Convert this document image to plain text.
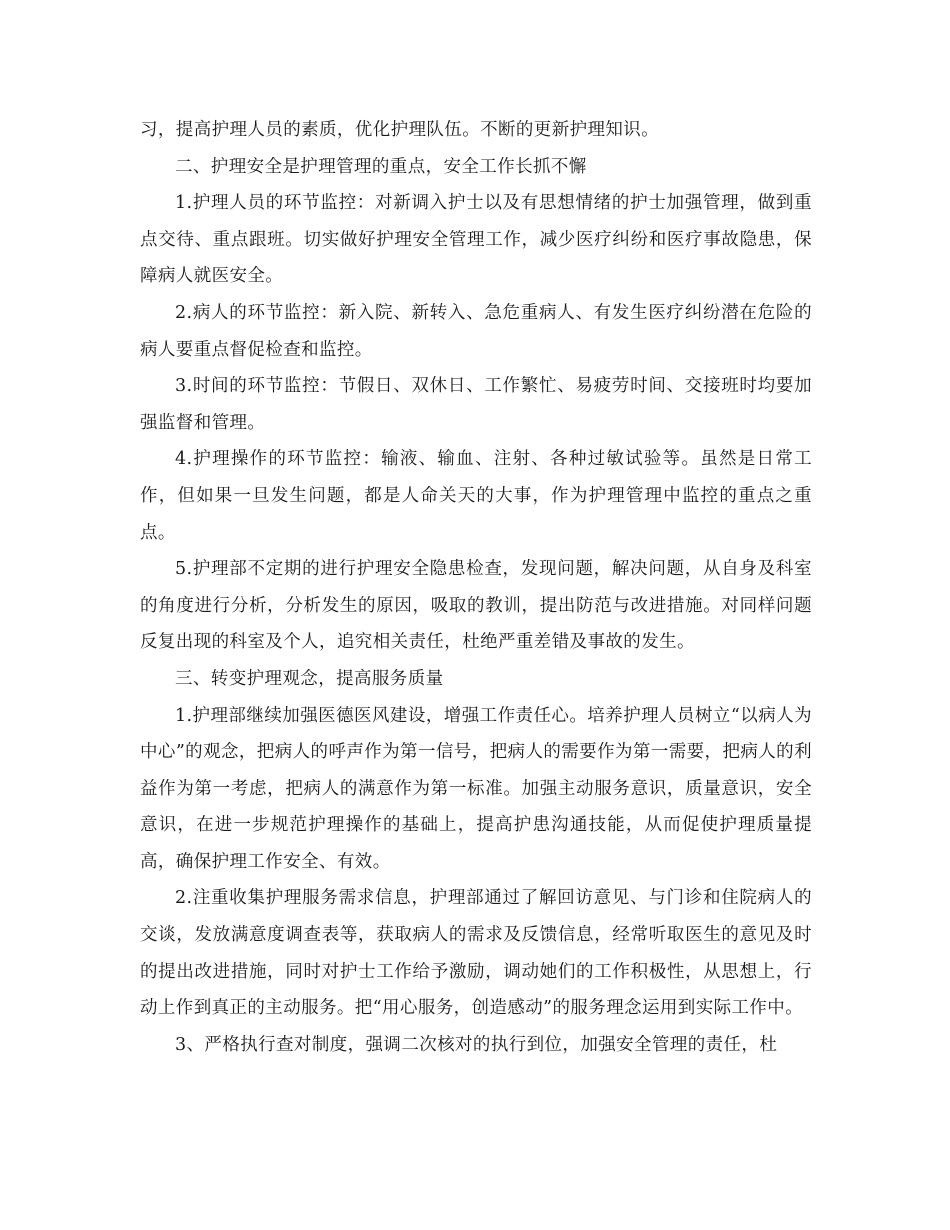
习，提高护理人员的素质，优化护理队伍。不断的更新护理知识。

二、护理安全是护理管理的重点，安全工作长抓不懈

1.护理人员的环节监控：对新调入护士以及有思想情绪的护士加强管理，做到重点交待、重点跟班。切实做好护理安全管理工作，减少医疗纠纷和医疗事故隐患，保障病人就医安全。

2.病人的环节监控：新入院、新转入、急危重病人、有发生医疗纠纷潜在危险的病人要重点督促检查和监控。

3.时间的环节监控：节假日、双休日、工作繁忙、易疲劳时间、交接班时均要加强监督和管理。

4.护理操作的环节监控：输液、输血、注射、各种过敏试验等。虽然是日常工作，但如果一旦发生问题，都是人命关天的大事，作为护理管理中监控的重点之重点。

5.护理部不定期的进行护理安全隐患检查，发现问题，解决问题，从自身及科室的角度进行分析，分析发生的原因，吸取的教训，提出防范与改进措施。对同样问题反复出现的科室及个人，追究相关责任，杜绝严重差错及事故的发生。

三、转变护理观念，提高服务质量

1.护理部继续加强医德医风建设，增强工作责任心。培养护理人员树立“以病人为中心”的观念，把病人的呼声作为第一信号，把病人的需要作为第一需要，把病人的利益作为第一考虑，把病人的满意作为第一标准。加强主动服务意识，质量意识，安全意识，在进一步规范护理操作的基础上，提高护患沟通技能，从而促使护理质量提高，确保护理工作安全、有效。

2.注重收集护理服务需求信息，护理部通过了解回访意见、与门诊和住院病人的交谈，发放满意度调查表等，获取病人的需求及反馈信息，经常听取医生的意见及时的提出改进措施，同时对护士工作给予激励，调动她们的工作积极性，从思想上，行动上作到真正的主动服务。把“用心服务，创造感动”的服务理念运用到实际工作中。

3、严格执行查对制度，强调二次核对的执行到位，加强安全管理的责任，杜
